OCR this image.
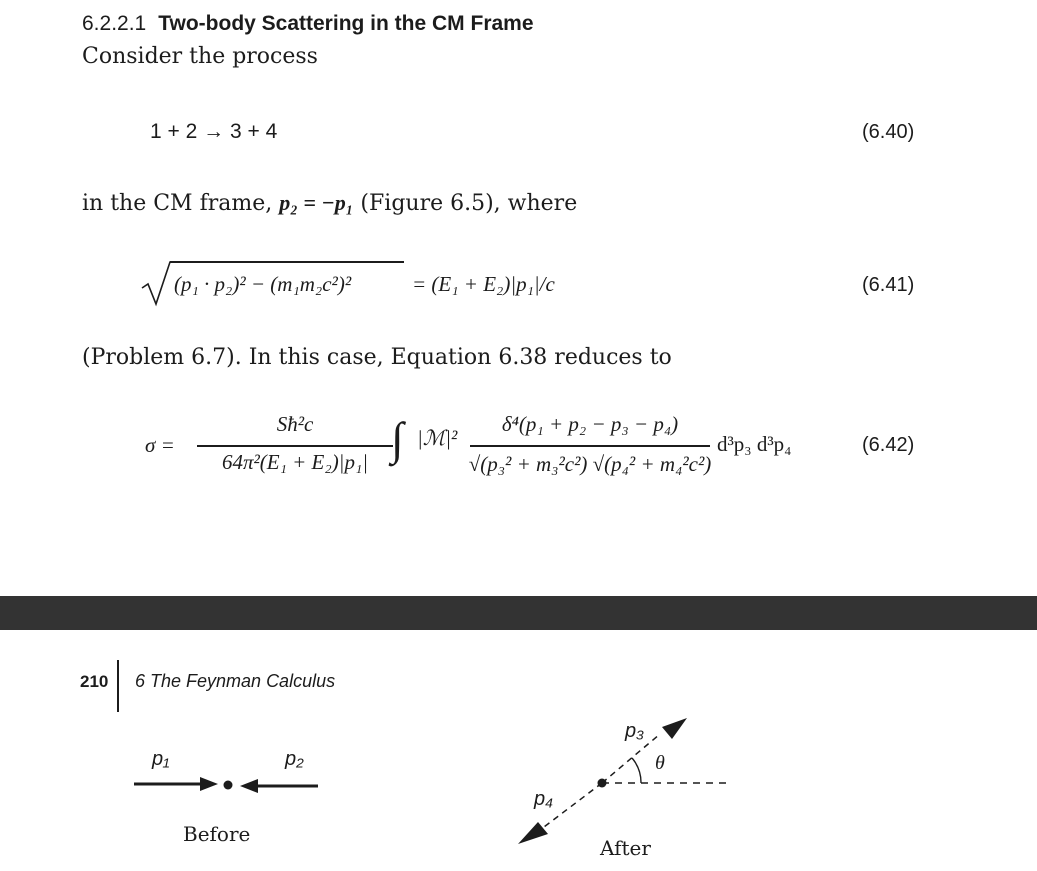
6.2.2.1 Two-body Scattering in the CM Frame
Consider the process
1 + 2 → 3 + 4	(6.40)
in the CM frame, p₂ = −p₁ (Figure 6.5), where
(p₁ · p₂)² − (m₁m₂c²)²	= (E₁ + E₂)|p₁|/c	(6.41)
(Problem 6.7). In this case, Equation 6.38 reduces to
σ =
Sħ²c
64π²(E₁ + E₂)|p₁| ∫ |ℳ|²
δ⁴(p₁ + p₂ − p₃ − p₄)
√(p₃² + m₃²c²) √(p₄² + m₄²c²)
d³p₃ d³p₄	(6.42)
210 6 The Feynman Calculus
p₁	p₂
Before
p₃
p₄
θ
After
